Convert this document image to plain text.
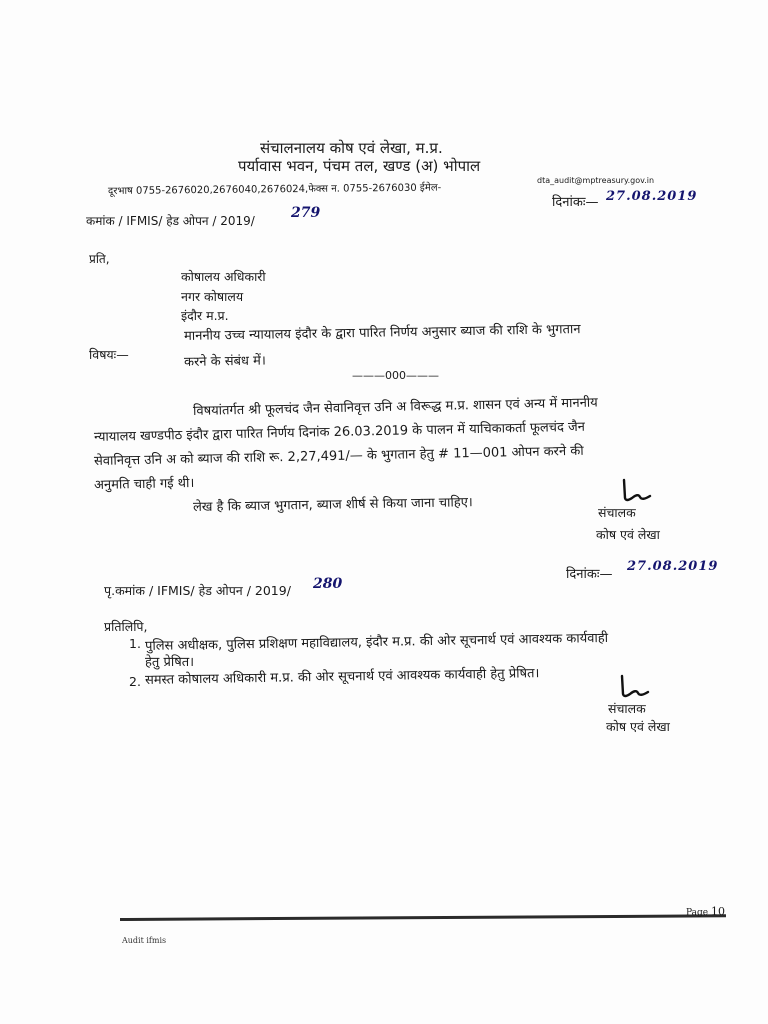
संचालनालय कोष एवं लेखा, म.प्र.
पर्यावास भवन, पंचम तल, खण्ड (अ) भोपाल
दूरभाष 0755-2676020,2676040,2676024,फेक्स न. 0755-2676030 ईमेल-
dta_audit@mptreasury.gov.in
दिनांकः— 27.08.2019
कमांक / IFMIS/ हेड ओपन / 2019/	279
प्रति,
कोषालय अधिकारी
नगर कोषालय
इंदौर म.प्र.
विषयः—
माननीय उच्च न्यायालय इंदौर के द्वारा पारित निर्णय अनुसार ब्याज की राशि के भुगतान
करने के संबंध में।
———000———
विषयांतर्गत श्री फूलचंद जैन सेवानिवृत्त उनि अ विरूद्ध म.प्र. शासन एवं अन्य में माननीय
न्यायालय खण्डपीठ इंदौर द्वारा पारित निर्णय दिनांक 26.03.2019 के पालन में याचिकाकर्ता फूलचंद जैन
सेवानिवृत्त उनि अ को ब्याज की राशि रू. 2,27,491/— के भुगतान हेतु # 11—001 ओपन करने की
अनुमति चाही गई थी।
लेख है कि ब्याज भुगतान, ब्याज शीर्ष से किया जाना चाहिए।	संचालक
कोष एवं लेखा
दिनांकः—
27.08.2019
पृ.कमांक / IFMIS/ हेड ओपन / 2019/ 280
प्रतिलिपि,
1. पुलिस अधीक्षक, पुलिस प्रशिक्षण महाविद्यालय, इंदौर म.प्र. की ओर सूचनार्थ एवं आवश्यक कार्यवाही
हेतु प्रेषित।
2. समस्त कोषालय अधिकारी म.प्र. की ओर सूचनार्थ एवं आवश्यक कार्यवाही हेतु प्रेषित।
संचालक
कोष एवं लेखा
Page 10
Audit ifmis
